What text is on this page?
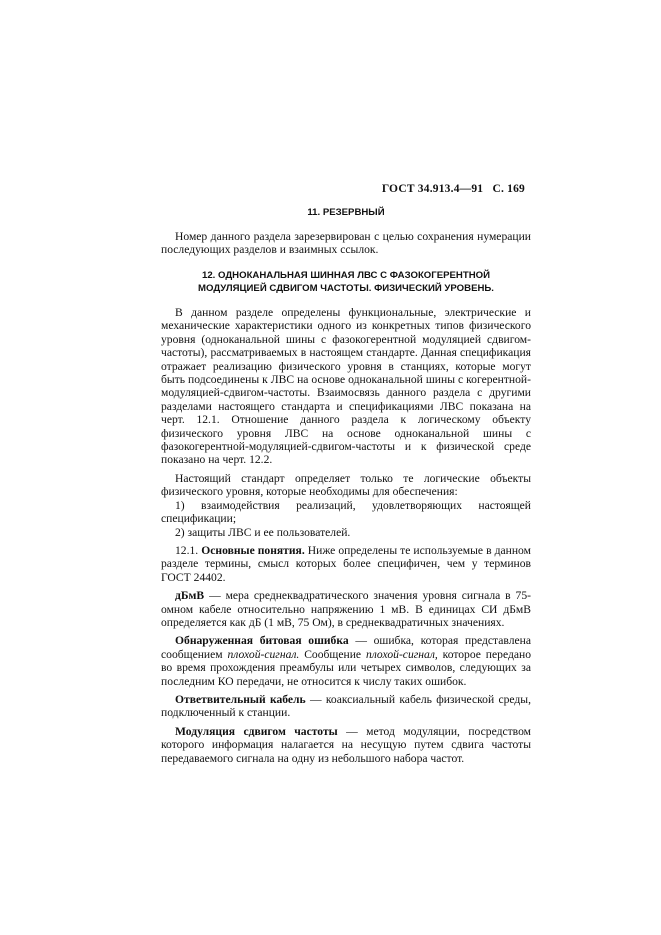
ГОСТ 34.913.4—91 С. 169
11. РЕЗЕРВНЫЙ

Номер данного раздела зарезервирован с целью сохранения нумерации последующих разделов и взаимных ссылок.

12. ОДНОКАНАЛЬНАЯ ШИННАЯ ЛВС С ФАЗОКОГЕРЕНТНОЙ
МОДУЛЯЦИЕЙ СДВИГОМ ЧАСТОТЫ. ФИЗИЧЕСКИЙ УРОВЕНЬ.

В данном разделе определены функциональные, электрические и механические характеристики одного из конкретных типов физического уровня (одноканальной шины с фазокогерентной модуляцией сдвигом-частоты), рассматриваемых в настоящем стандарте. Данная спецификация отражает реализацию физического уровня в станциях, которые могут быть подсоединены к ЛВС на основе одноканальной шины с когерентной-модуляцией-сдвигом-частоты. Взаимосвязь данного раздела с другими разделами настоящего стандарта и спецификациями ЛВС показана на черт. 12.1. Отношение данного раздела к логическому объекту физического уровня ЛВС на основе одноканальной шины с фазокогерентной-модуляцией-сдвигом-частоты и к физической среде показано на черт. 12.2.

Настоящий стандарт определяет только те логические объекты физического уровня, которые необходимы для обеспечения:

1) взаимодействия реализаций, удовлетворяющих настоящей спецификации;

2) защиты ЛВС и ее пользователей.

12.1. Основные понятия. Ниже определены те используемые в данном разделе термины, смысл которых более специфичен, чем у терминов ГОСТ 24402.

дБмВ — мера среднеквадратического значения уровня сигнала в 75-омном кабеле относительно напряжению 1 мВ. В единицах СИ дБмВ определяется как дБ (1 мВ, 75 Ом), в среднеквадратичных значениях.

Обнаруженная битовая ошибка — ошибка, которая представлена сообщением плохой-сигнал. Сообщение плохой-сигнал, которое передано во время прохождения преамбулы или четырех символов, следующих за последним КО передачи, не относится к числу таких ошибок.

Ответвительный кабель — коаксиальный кабель физической среды, подключенный к станции.

Модуляция сдвигом частоты — метод модуляции, посредством которого информация налагается на несущую путем сдвига частоты передаваемого сигнала на одну из небольшого набора частот.
